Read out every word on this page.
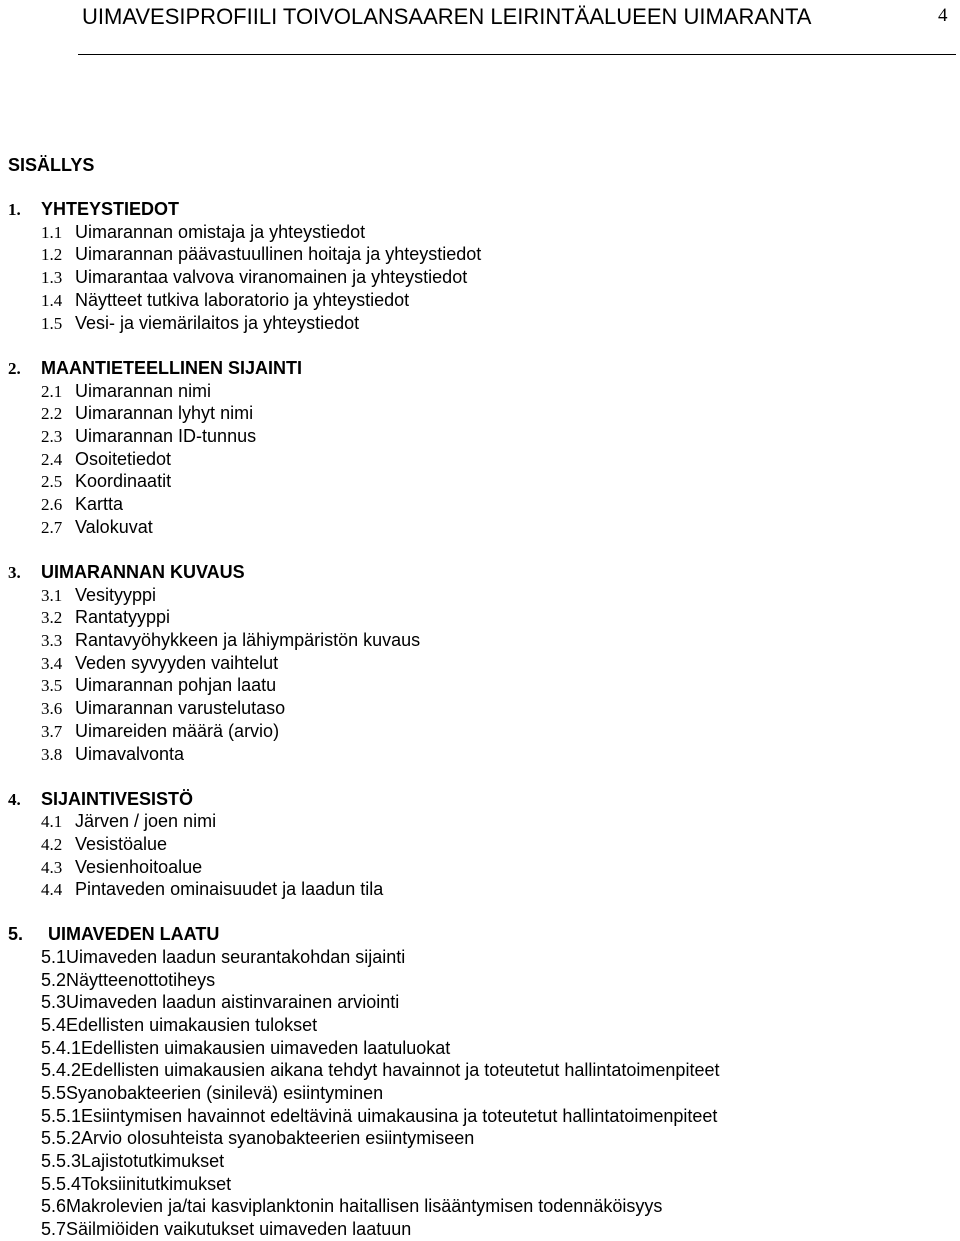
UIMAVESIPROFIILI TOIVOLANSAAREN LEIRINTÄALUEEN UIMARANTA	4
SISÄLLYS
1. YHTEYSTIEDOT
1.1 Uimarannan omistaja ja yhteystiedot
1.2 Uimarannan päävastuullinen hoitaja ja yhteystiedot
1.3 Uimarantaa valvova viranomainen ja yhteystiedot
1.4 Näytteet tutkiva laboratorio ja yhteystiedot
1.5 Vesi- ja viemärilaitos ja yhteystiedot
2. MAANTIETEELLINEN SIJAINTI
2.1 Uimarannan nimi
2.2 Uimarannan lyhyt nimi
2.3 Uimarannan ID-tunnus
2.4 Osoitetiedot
2.5 Koordinaatit
2.6 Kartta
2.7 Valokuvat
3. UIMARANNAN KUVAUS
3.1 Vesityyppi
3.2 Rantatyyppi
3.3 Rantavyöhykkeen ja lähiympäristön kuvaus
3.4 Veden syvyyden vaihtelut
3.5 Uimarannan pohjan laatu
3.6 Uimarannan varustelutaso
3.7 Uimareiden määrä (arvio)
3.8 Uimavalvonta
4. SIJAINTIVESISTÖ
4.1 Järven / joen nimi
4.2 Vesistöalue
4.3 Vesienhoitoalue
4.4 Pintaveden ominaisuudet ja laadun tila
5. UIMAVEDEN LAATU
5.1Uimaveden laadun seurantakohdan sijainti
5.2Näytteenottotiheys
5.3Uimaveden laadun aistinvarainen arviointi
5.4Edellisten uimakausien tulokset
5.4.1Edellisten uimakausien uimaveden laatuluokat
5.4.2Edellisten uimakausien aikana tehdyt havainnot ja toteutetut hallintatoimenpiteet
5.5Syanobakteerien (sinilevä) esiintyminen
5.5.1Esiintymisen havainnot edeltävinä uimakausina ja toteutetut hallintatoimenpiteet
5.5.2Arvio olosuhteista syanobakteerien esiintymiseen
5.5.3Lajistotutkimukset
5.5.4Toksiinitutkimukset
5.6Makrolevien ja/tai kasviplanktonin haitallisen lisääntymisen todennäköisyys
5.7Säilmiöiden vaikutukset uimaveden laatuun
